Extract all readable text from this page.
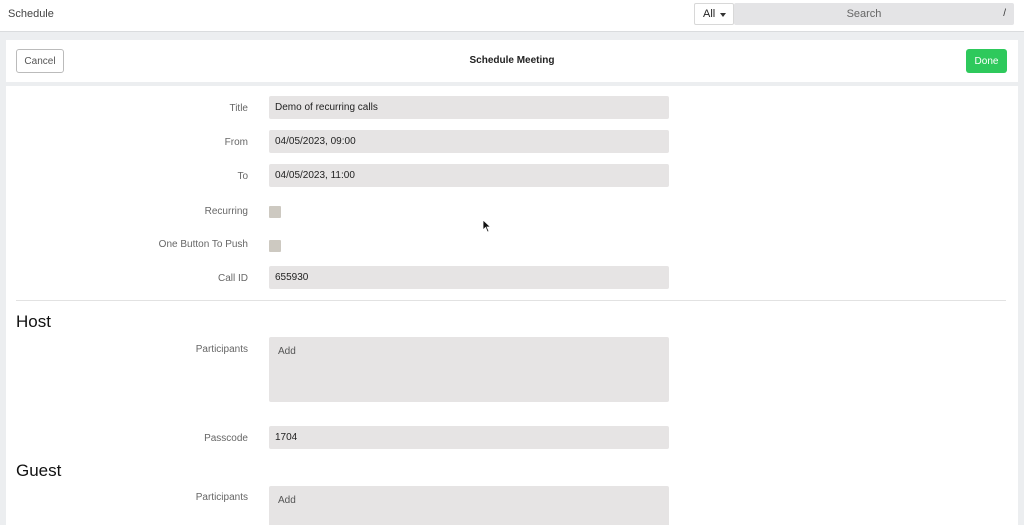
Schedule	All
Search	/
Cancel	Schedule Meeting	Done
Title	Demo of recurring calls
From	04/05/2023, 09:00
To	04/05/2023, 11:00
Recurring
One Button To Push
Call ID	655930
Host
Participants	Add
Passcode	1704
Guest
Participants	Add
